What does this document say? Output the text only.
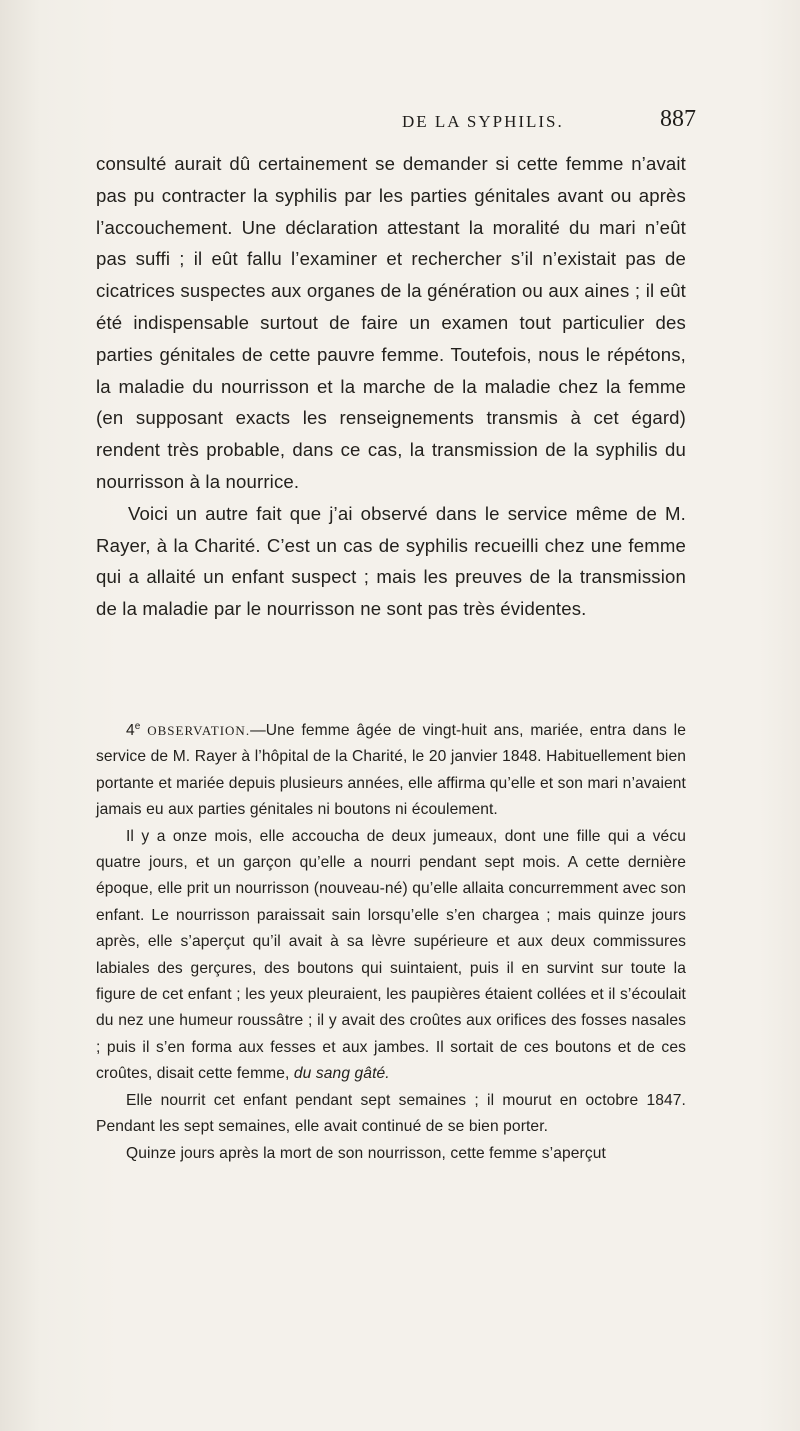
DE LA SYPHILIS.	887

consulté aurait dû certainement se demander si cette femme n’avait pas pu contracter la syphilis par les parties génitales avant ou après l’accouchement. Une déclaration attestant la moralité du mari n’eût pas suffi ; il eût fallu l’examiner et rechercher s’il n’existait pas de cicatrices suspectes aux organes de la génération ou aux aines ; il eût été indispensable surtout de faire un examen tout particulier des parties génitales de cette pauvre femme. Toutefois, nous le répétons, la maladie du nourrisson et la marche de la maladie chez la femme (en supposant exacts les renseignements transmis à cet égard) rendent très probable, dans ce cas, la transmission de la syphilis du nourrisson à la nourrice.

Voici un autre fait que j’ai observé dans le service même de M. Rayer, à la Charité. C’est un cas de syphilis recueilli chez une femme qui a allaité un enfant suspect ; mais les preuves de la transmission de la maladie par le nourrisson ne sont pas très évidentes.

4e OBSERVATION.—Une femme âgée de vingt-huit ans, mariée, entra dans le service de M. Rayer à l’hôpital de la Charité, le 20 janvier 1848. Habituellement bien portante et mariée depuis plusieurs années, elle affirma qu’elle et son mari n’avaient jamais eu aux parties génitales ni boutons ni écoulement.

Il y a onze mois, elle accoucha de deux jumeaux, dont une fille qui a vécu quatre jours, et un garçon qu’elle a nourri pendant sept mois. A cette dernière époque, elle prit un nourrisson (nouveau-né) qu’elle allaita concurremment avec son enfant. Le nourrisson paraissait sain lorsqu’elle s’en chargea ; mais quinze jours après, elle s’aperçut qu’il avait à sa lèvre supérieure et aux deux commissures labiales des gerçures, des boutons qui suintaient, puis il en survint sur toute la figure de cet enfant ; les yeux pleuraient, les paupières étaient collées et il s’écoulait du nez une humeur roussâtre ; il y avait des croûtes aux orifices des fosses nasales ; puis il s’en forma aux fesses et aux jambes. Il sortait de ces boutons et de ces croûtes, disait cette femme, du sang gâté.

Elle nourrit cet enfant pendant sept semaines ; il mourut en octobre 1847. Pendant les sept semaines, elle avait continué de se bien porter.

Quinze jours après la mort de son nourrisson, cette femme s’aperçut
